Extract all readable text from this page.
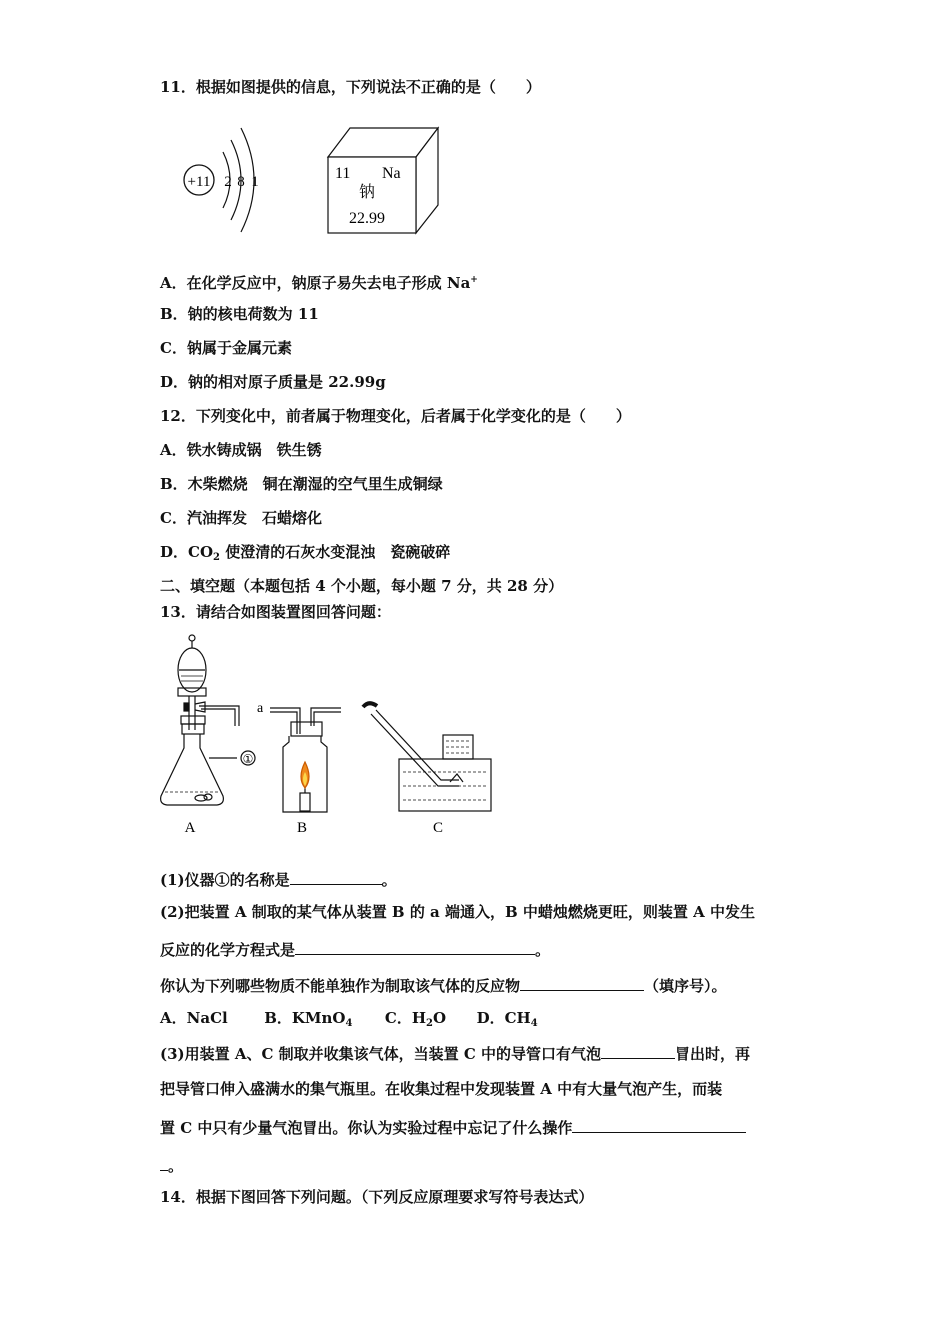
11．根据如图提供的信息，下列说法不正确的是（　　）
+11 2 8 1	11 Na
钠
22.99
A．在化学反应中，钠原子易失去电子形成 Na+
B．钠的核电荷数为 11
C．钠属于金属元素
D．钠的相对原子质量是 22.99g
12．下列变化中，前者属于物理变化，后者属于化学变化的是（　　）
A．铁水铸成锅　铁生锈
B．木柴燃烧　铜在潮湿的空气里生成铜绿
C．汽油挥发　石蜡熔化
D．$CO_2$ 使澄清的石灰水变混浊　瓷碗破碎
二、填空题（本题包括 4 个小题，每小题 7 分，共 28 分）
13．请结合如图装置图回答问题：
①
a
A	B	C
(1)仪器①的名称是	。
(2)把装置 A 制取的某气体从装置 B 的 a 端通入，B 中蜡烛燃烧更旺，则装置 A 中发生
反应的化学方程式是	。
你认为下列哪些物质不能单独作为制取该气体的反应物	（填序号）。
A．NaCl B．KMnO$_4$ C．$H_2O$ D．$CH_4$
(3)用装置 A、C 制取并收集该气体，当装置 C 中的导管口有气泡	冒出时，再
把导管口伸入盛满水的集气瓶里。在收集过程中发现装置 A 中有大量气泡产生，而装
置 C 中只有少量气泡冒出。你认为实验过程中忘记了什么操作
。
14．根据下图回答下列问题。（下列反应原理要求写符号表达式）
